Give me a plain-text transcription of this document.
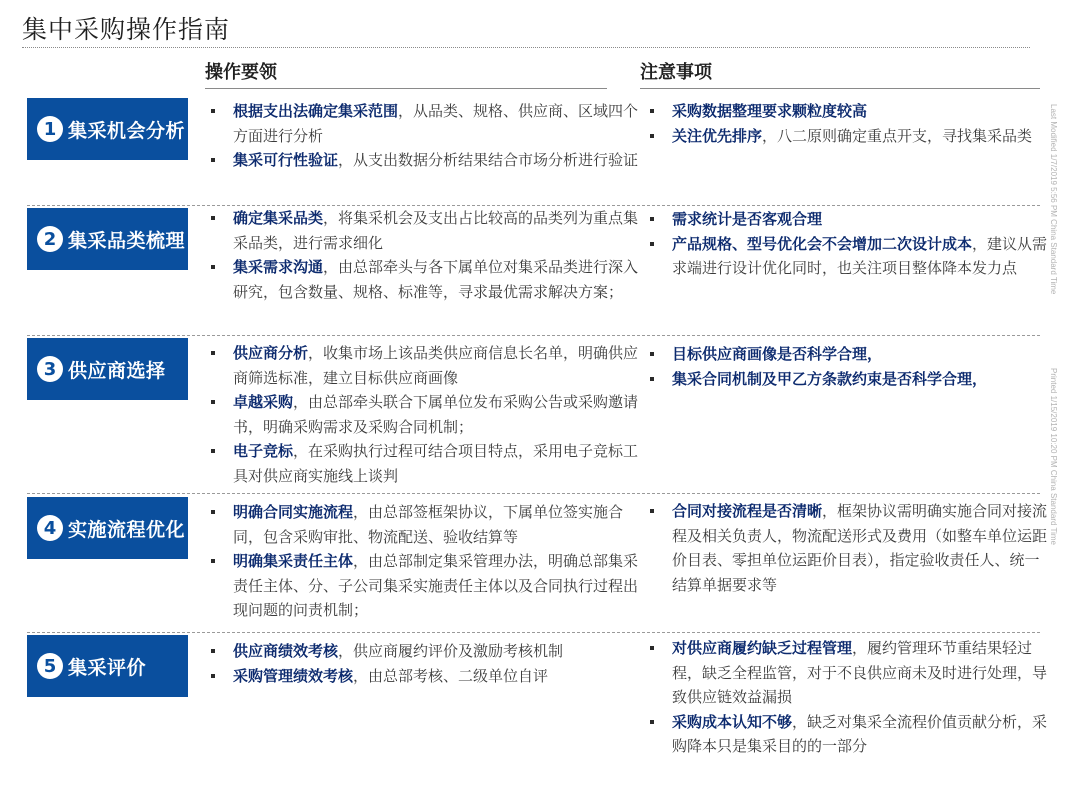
集中采购操作指南
操作要领	注意事项
Last Modified 1/7/2019 5:56 PM China Standard Time
Printed 1/15/2019 10:20 PM China Standard Time
1 集采机会分析
根据支出法确定集采范围，从品类、规格、供应商、区域四个方面进行分析
集采可行性验证，从支出数据分析结果结合市场分析进行验证
采购数据整理要求颗粒度较高
关注优先排序，八二原则确定重点开支，寻找集采品类
2 集采品类梳理
确定集采品类，将集采机会及支出占比较高的品类列为重点集采品类，进行需求细化
集采需求沟通，由总部牵头与各下属单位对集采品类进行深入研究，包含数量、规格、标准等，寻求最优需求解决方案；
需求统计是否客观合理
产品规格、型号优化会不会增加二次设计成本，建议从需求端进行设计优化同时，也关注项目整体降本发力点
3 供应商选择
供应商分析，收集市场上该品类供应商信息长名单，明确供应商筛选标准，建立目标供应商画像
卓越采购，由总部牵头联合下属单位发布采购公告或采购邀请书，明确采购需求及采购合同机制；
电子竞标，在采购执行过程可结合项目特点，采用电子竞标工具对供应商实施线上谈判
目标供应商画像是否科学合理，
集采合同机制及甲乙方条款约束是否科学合理，
4 实施流程优化
明确合同实施流程，由总部签框架协议，下属单位签实施合同，包含采购审批、物流配送、验收结算等
明确集采责任主体，由总部制定集采管理办法，明确总部集采责任主体、分、子公司集采实施责任主体以及合同执行过程出现问题的问责机制；
合同对接流程是否清晰，框架协议需明确实施合同对接流程及相关负责人，物流配送形式及费用（如整车单位运距价目表、零担单位运距价目表），指定验收责任人、统一结算单据要求等
5 集采评价
供应商绩效考核，供应商履约评价及激励考核机制
采购管理绩效考核，由总部考核、二级单位自评
对供应商履约缺乏过程管理，履约管理环节重结果轻过程，缺乏全程监管，对于不良供应商未及时进行处理，导致供应链效益漏损
采购成本认知不够，缺乏对集采全流程价值贡献分析，采购降本只是集采目的的一部分
